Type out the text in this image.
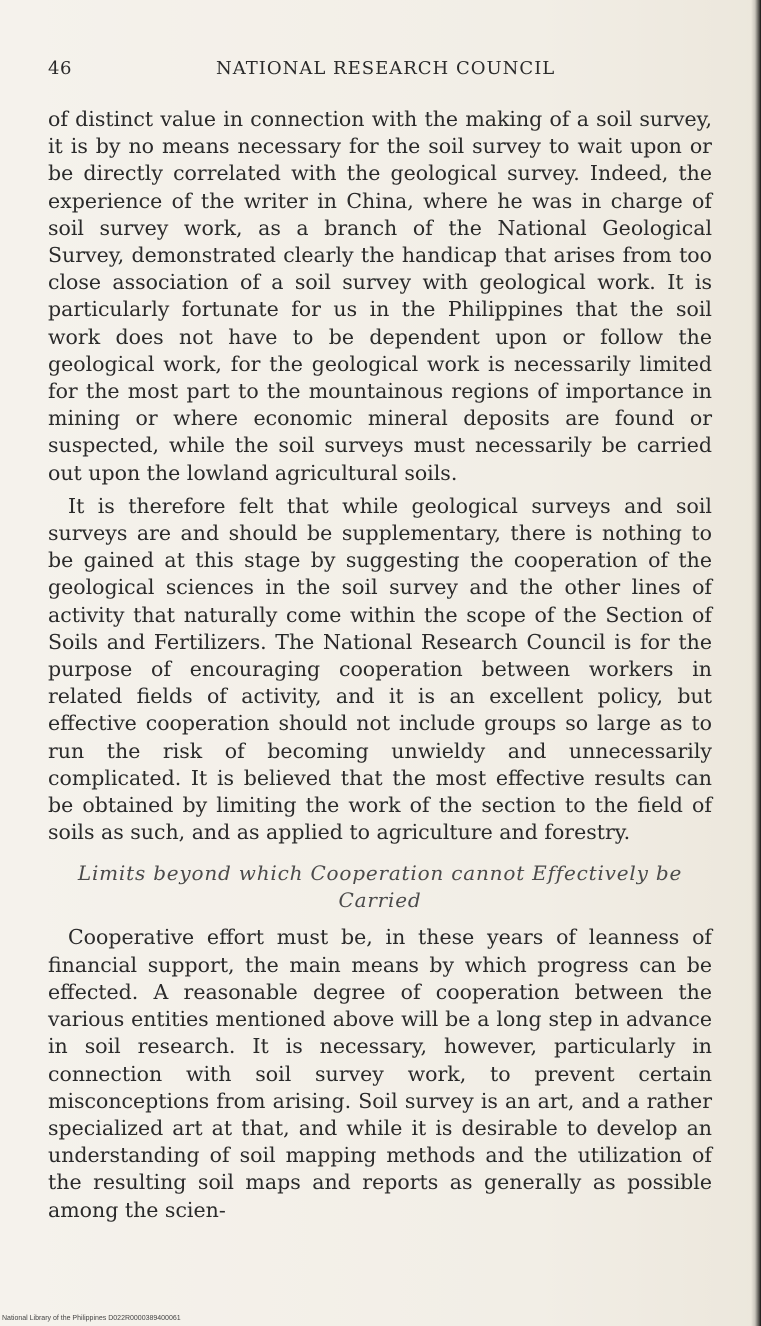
46	NATIONAL RESEARCH COUNCIL

of distinct value in connection with the making of a soil survey, it is by no means necessary for the soil survey to wait upon or be directly correlated with the geological survey. Indeed, the experience of the writer in China, where he was in charge of soil survey work, as a branch of the National Geological Survey, demonstrated clearly the handicap that arises from too close association of a soil survey with geological work. It is particularly fortunate for us in the Philippines that the soil work does not have to be dependent upon or follow the geological work, for the geological work is necessarily limited for the most part to the mountainous regions of importance in mining or where economic mineral deposits are found or suspected, while the soil surveys must necessarily be carried out upon the lowland agricultural soils.

It is therefore felt that while geological surveys and soil surveys are and should be supplementary, there is nothing to be gained at this stage by suggesting the cooperation of the geological sciences in the soil survey and the other lines of activity that naturally come within the scope of the Section of Soils and Fertilizers. The National Research Council is for the purpose of encouraging cooperation between workers in related fields of activity, and it is an excellent policy, but effective cooperation should not include groups so large as to run the risk of becoming unwieldy and unnecessarily complicated. It is believed that the most effective results can be obtained by limiting the work of the section to the field of soils as such, and as applied to agriculture and forestry.

Limits beyond which Cooperation cannot Effectively be Carried

Cooperative effort must be, in these years of leanness of financial support, the main means by which progress can be effected. A reasonable degree of cooperation between the various entities mentioned above will be a long step in advance in soil research. It is necessary, however, particularly in connection with soil survey work, to prevent certain misconceptions from arising. Soil survey is an art, and a rather specialized art at that, and while it is desirable to develop an understanding of soil mapping methods and the utilization of the resulting soil maps and reports as generally as possible among the scien-

National Library of the Philippines D022R0000389400061
